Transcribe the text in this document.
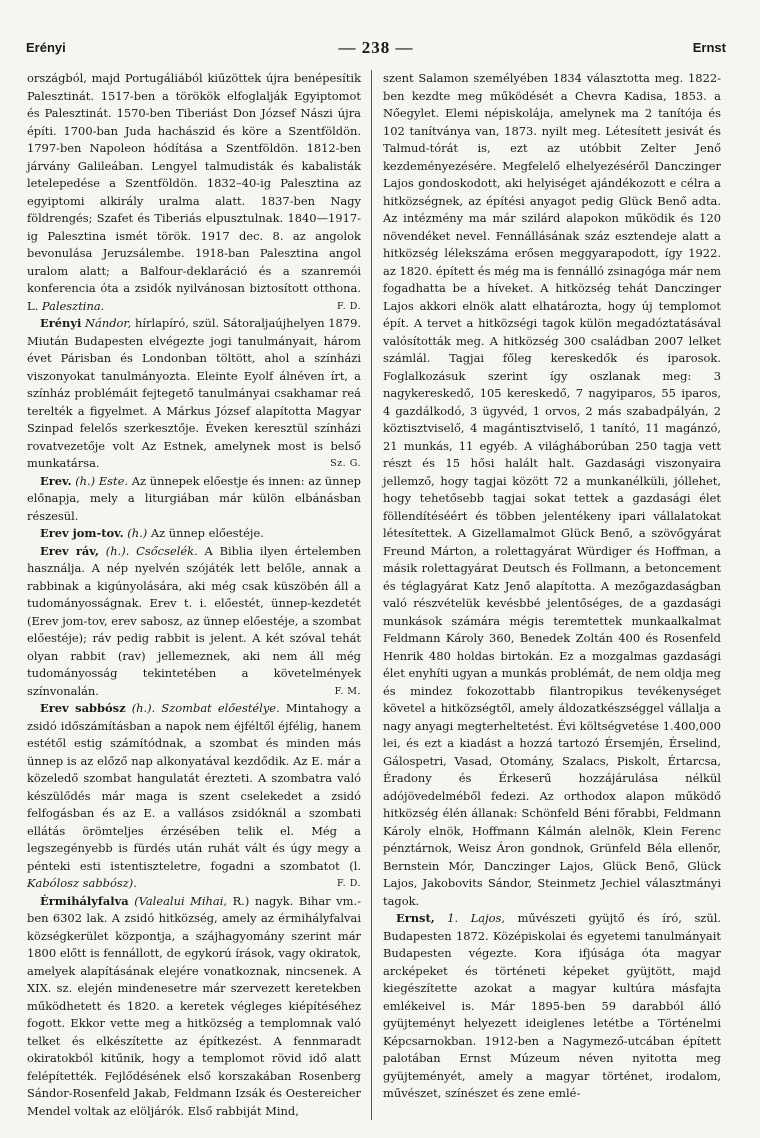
Erényi	— 238 —	Ernst

országból, majd Portugáliából kiűzöttek újra benépesítik Palesztinát. 1517-ben a törökök elfoglalják Egyiptomot és Palesztinát. 1570-ben Tiberiást Don József Nászi újra építi. 1700-ban Juda hachászid és köre a Szentföldön. 1797-ben Napoleon hódítása a Szentföldön. 1812-ben járvány Galileában. Lengyel talmudisták és kabalisták letelepedése a Szentföldön. 1832–40-ig Palesztina az egyiptomi alkirály uralma alatt. 1837-ben Nagy földrengés; Szafet és Tiberiás elpusztulnak. 1840—1917-ig Palesztina ismét török. 1917 dec. 8. az angolok bevonulása Jeruzsálembe. 1918-ban Palesztina angol uralom alatt; a Balfour-deklaráció és a szanremói konferencia óta a zsidók nyilvánosan biztosított otthona. L. Palesztina.	F. D.

Erényi Nándor, hírlapíró, szül. Sátoraljaújhelyen 1879. Miután Budapesten elvégezte jogi tanulmányait, három évet Párisban és Londonban töltött, ahol a színházi viszonyokat tanulmányozta. Eleinte Eyolf álnéven írt, a színház problémáit fejtegető tanulmányai csakhamar reá terelték a figyelmet. A Márkus József alapította Magyar Szinpad felelős szerkesztője. Éveken keresztül színházi rovatvezetője volt Az Estnek, amelynek most is belső munkatársa.	Sz. G.

Erev. (h.) Este. Az ünnepek előestje és innen: az ünnep előnapja, mely a liturgiában már külön elbánásban részesül.

Erev jom-tov. (h.) Az ünnep előestéje.

Erev ráv, (h.). Csőcselék. A Biblia ilyen értelemben használja. A nép nyelvén szójáték lett belőle, annak a rabbinak a kigúnyolására, aki még csak küszöbén áll a tudományosságnak. Erev t. i. előestét, ünnep-kezdetét (Erev jom-tov, erev sabosz, az ünnep előestéje, a szombat előestéje); ráv pedig rabbit is jelent. A két szóval tehát olyan rabbit (rav) jellemeznek, aki nem áll még tudományosság tekintetében a követelmények színvonalán.	F. M.

Erev sabbósz (h.). Szombat előestélye. Mintahogy a zsidó időszámításban a napok nem éjféltől éjfélig, hanem estétől estig számítódnak, a szombat és minden más ünnep is az előző nap alkonyatával kezdődik. Az E. már a közeledő szombat hangulatát érezteti. A szombatra való készülődés már maga is szent cselekedet a zsidó felfogásban és az E. a vallásos zsidóknál a szombati ellátás örömteljes érzésében telik el. Még a legszegényebb is fürdés után ruhát vált és úgy megy a pénteki esti istentiszteletre, fogadni a szombatot (l. Kabólosz sabbósz).	F. D.

Érmihályfalva (Valealui Mihai, R.) nagyk. Bihar vm.-ben 6302 lak. A zsidó hitközség, amely az érmihályfalvai községkerület központja, a szájhagyomány szerint már 1800 előtt is fennállott, de egykorú írások, vagy okiratok, amelyek alapításának elejére vonatkoznak, nincsenek. A XIX. sz. elején mindenesetre már szervezett keretekben működhetett és 1820. a keretek végleges kiépítéséhez fogott. Ekkor vette meg a hitközség a templomnak való telket és elkészítette az építkezést. A fennmaradt okiratokból kitűnik, hogy a templomot rövid idő alatt felépítették. Fejlődésének első korszakában Rosenberg Sándor-Rosenfeld Jakab, Feldmann Izsák és Oestereicher Mendel voltak az elöljárók. Első rabbiját Mind,

szent Salamon személyében 1834 választotta meg. 1822-ben kezdte meg működését a Chevra Kadisa, 1853. a Nőegylet. Elemi népiskolája, amelynek ma 2 tanítója és 102 tanítványa van, 1873. nyilt meg. Létesített jesivát és Talmud-tórát is, ezt az utóbbit Zelter Jenő kezdeményezésére. Megfelelő elhelyezéséről Danczinger Lajos gondoskodott, aki helyiséget ajándékozott e célra a hitközségnek, az építési anyagot pedig Glück Benő adta. Az intézmény ma már szilárd alapokon működik és 120 növendéket nevel. Fennállásának száz esztendeje alatt a hitközség lélekszáma erősen meggyarapodott, így 1922. az 1820. épített és még ma is fennálló zsinagóga már nem fogadhatta be a híveket. A hitközség tehát Danczinger Lajos akkori elnök alatt elhatározta, hogy új templomot épít. A tervet a hitközségi tagok külön megadóztatásával valósították meg. A hitközség 300 családban 2007 lelket számlál. Tagjai főleg kereskedők és iparosok. Foglalkozásuk szerint így oszlanak meg: 3 nagykereskedő, 105 kereskedő, 7 nagyiparos, 55 iparos, 4 gazdálkodó, 3 ügyvéd, 1 orvos, 2 más szabadpályán, 2 köztisztviselő, 4 magántisztviselő, 1 tanító, 11 magánzó, 21 munkás, 11 egyéb. A világháborúban 250 tagja vett részt és 15 hősi halált halt. Gazdasági viszonyaira jellemző, hogy tagjai között 72 a munkanélküli, jóllehet, hogy tehetősebb tagjai sokat tettek a gazdasági élet föllendítéséért és többen jelentékeny ipari vállalatokat létesítettek. A Gizellamalmot Glück Benő, a szövőgyárat Freund Márton, a rolettagyárat Würdiger és Hoffman, a másik rolettagyárat Deutsch és Follmann, a betoncement és téglagyárat Katz Jenő alapította. A mezőgazdaságban való részvételük kevésbbé jelentőséges, de a gazdasági munkások számára mégis teremtettek munkaalkalmat Feldmann Károly 360, Benedek Zoltán 400 és Rosenfeld Henrik 480 holdas birtokán. Ez a mozgalmas gazdasági élet enyhíti ugyan a munkás problémát, de nem oldja meg és mindez fokozottabb filantropikus tevékenységet követel a hitközségtől, amely áldozatkészséggel vállalja a nagy anyagi megterheltetést. Évi költségvetése 1.400,000 lei, és ezt a kiadást a hozzá tartozó Érsemjén, Érselind, Gálospetri, Vasad, Otomány, Szalacs, Piskolt, Értarcsa, Éradony és Érkeserű hozzájárulása nélkül adójövedelméből fedezi. Az orthodox alapon működő hitközség élén állanak: Schönfeld Béni főrabbi, Feldmann Károly elnök, Hoffmann Kálmán alelnök, Klein Ferenc pénztárnok, Weisz Áron gondnok, Grünfeld Béla ellenőr, Bernstein Mór, Danczinger Lajos, Glück Benő, Glück Lajos, Jakobovits Sándor, Steinmetz Jechiel választmányi tagok.

Ernst, 1. Lajos, művészeti gyüjtő és író, szül. Budapesten 1872. Középiskolai és egyetemi tanulmányait Budapesten végezte. Kora ifjúsága óta magyar arcképeket és történeti képeket gyüjtött, majd kiegészítette azokat a magyar kultúra másfajta emlékeivel is. Már 1895-ben 59 darabból álló gyüjteményt helyezett ideiglenes letétbe a Történelmi Képcsarnokban. 1912-ben a Nagymező-utcában épített palotában Ernst Múzeum néven nyitotta meg gyüjteményét, amely a magyar történet, irodalom, művészet, színészet és zene emlé-
